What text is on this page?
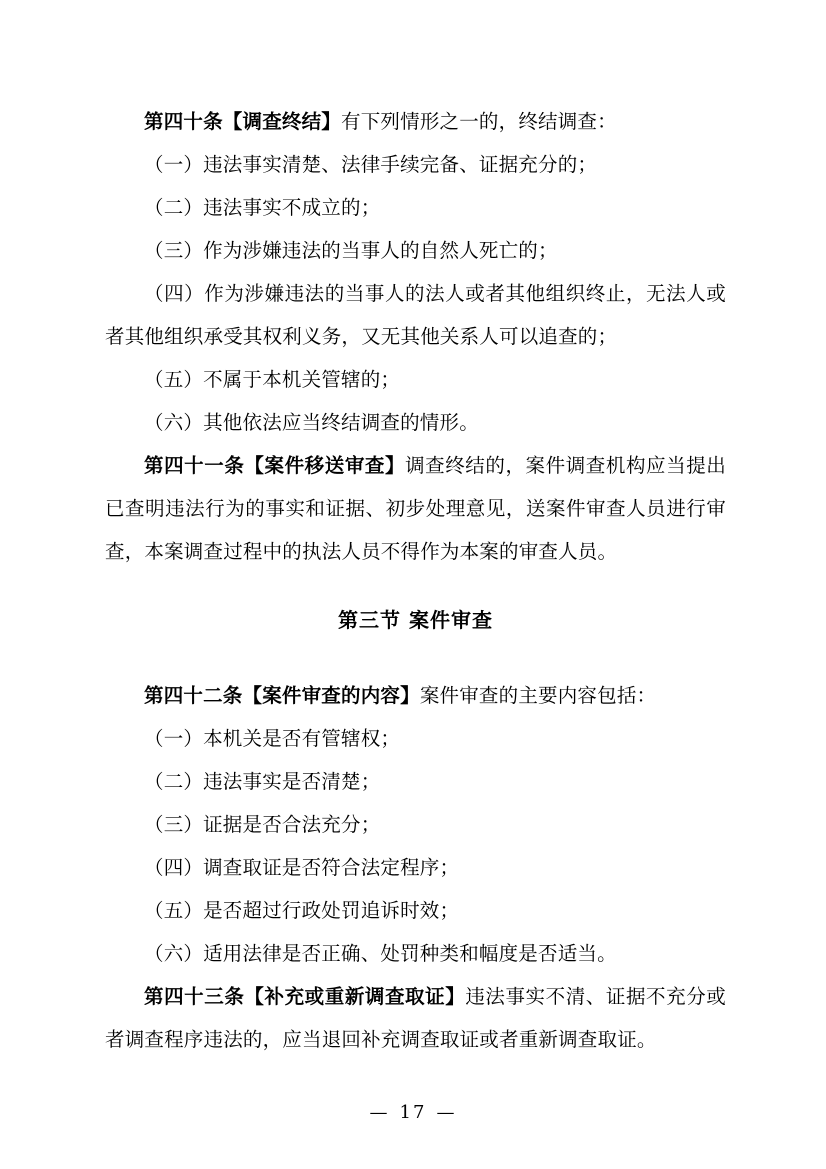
第四十条【调查终结】有下列情形之一的，终结调查：

（一）违法事实清楚、法律手续完备、证据充分的；

（二）违法事实不成立的；

（三）作为涉嫌违法的当事人的自然人死亡的；

（四）作为涉嫌违法的当事人的法人或者其他组织终止，无法人或者其他组织承受其权利义务，又无其他关系人可以追查的；

（五）不属于本机关管辖的；

（六）其他依法应当终结调查的情形。

第四十一条【案件移送审查】调查终结的，案件调查机构应当提出已查明违法行为的事实和证据、初步处理意见，送案件审查人员进行审查，本案调查过程中的执法人员不得作为本案的审查人员。

第三节 案件审查

第四十二条【案件审查的内容】案件审查的主要内容包括：

（一）本机关是否有管辖权；

（二）违法事实是否清楚；

（三）证据是否合法充分；

（四）调查取证是否符合法定程序；

（五）是否超过行政处罚追诉时效；

（六）适用法律是否正确、处罚种类和幅度是否适当。

第四十三条【补充或重新调查取证】违法事实不清、证据不充分或者调查程序违法的，应当退回补充调查取证或者重新调查取证。

— 17 —
